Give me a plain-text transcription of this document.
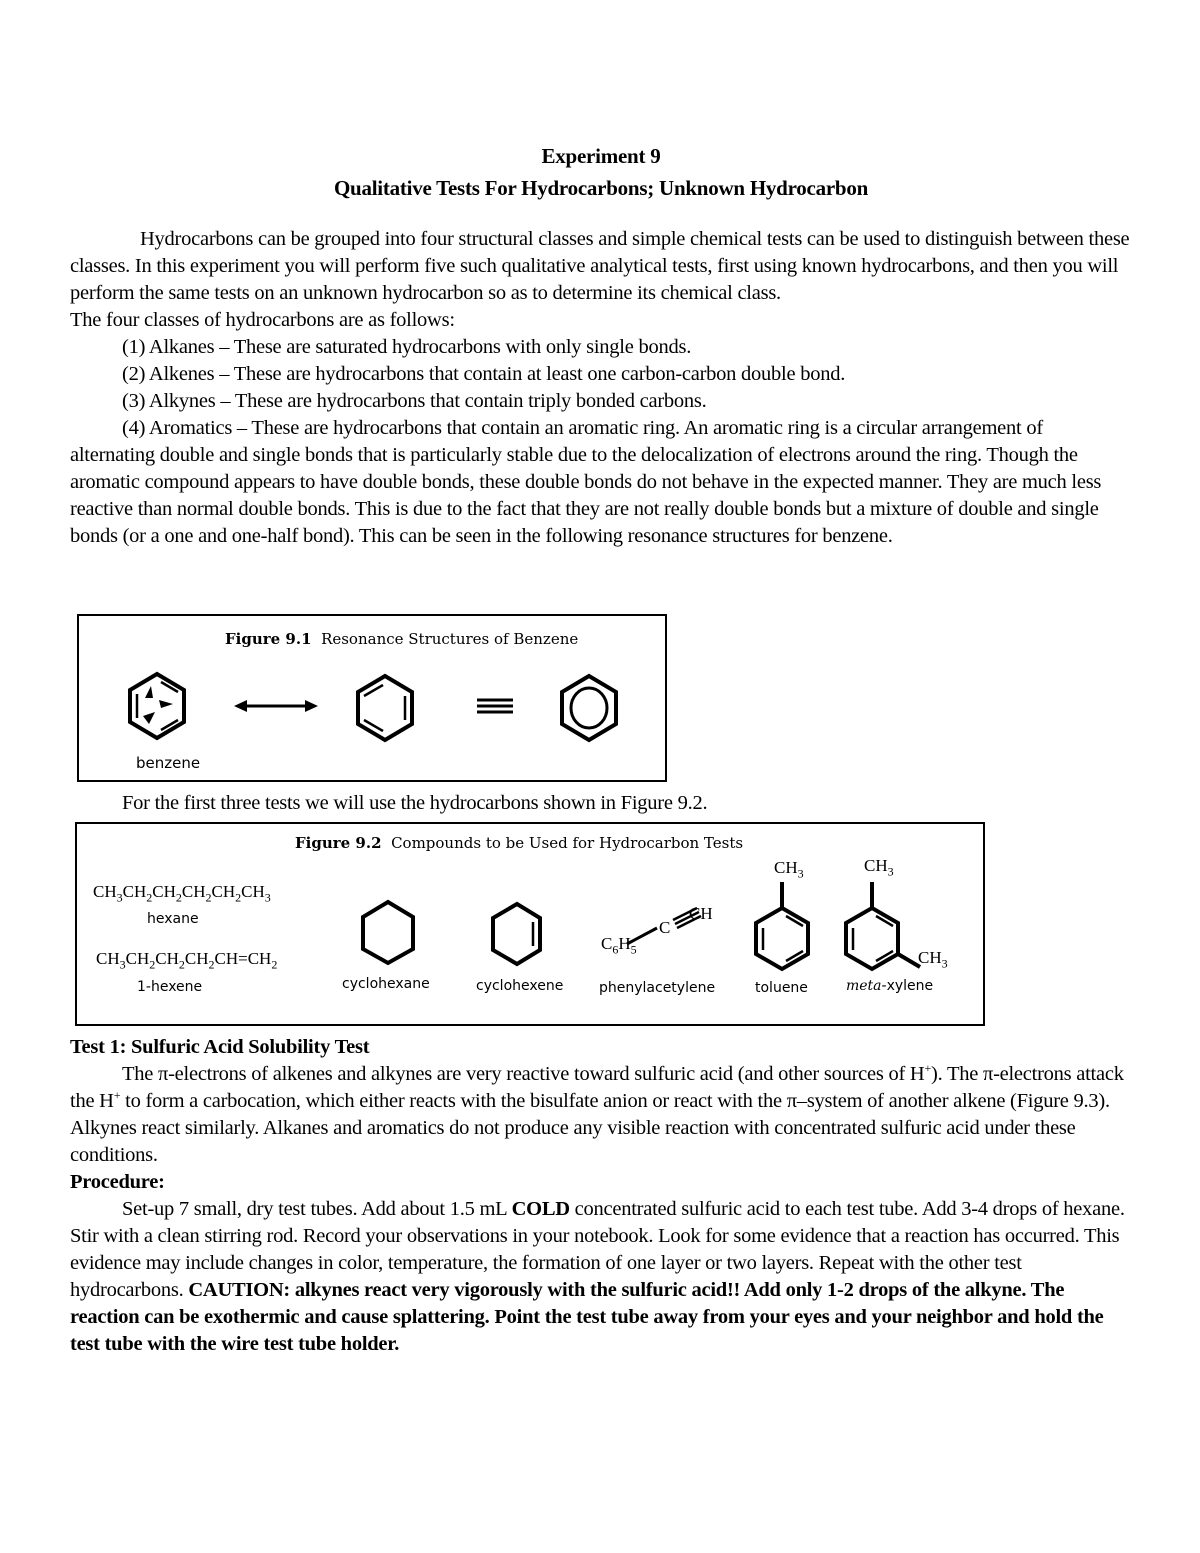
Experiment 9

Qualitative Tests For Hydrocarbons; Unknown Hydrocarbon

Hydrocarbons can be grouped into four structural classes and simple chemical tests can be used to distinguish between these classes. In this experiment you will perform five such qualitative analytical tests, first using known hydrocarbons, and then you will perform the same tests on an unknown hydrocarbon so as to determine its chemical class.

The four classes of hydrocarbons are as follows:

(1) Alkanes – These are saturated hydrocarbons with only single bonds.

(2) Alkenes – These are hydrocarbons that contain at least one carbon-carbon double bond.

(3) Alkynes – These are hydrocarbons that contain triply bonded carbons.

(4) Aromatics – These are hydrocarbons that contain an aromatic ring. An aromatic ring is a circular arrangement of alternating double and single bonds that is particularly stable due to the delocalization of electrons around the ring. Though the aromatic compound appears to have double bonds, these double bonds do not behave in the expected manner. They are much less reactive than normal double bonds. This is due to the fact that they are not really double bonds but a mixture of double and single bonds (or a one and one-half bond). This can be seen in the following resonance structures for benzene.

Figure 9.1 Resonance Structures of Benzene
benzene

For the first three tests we will use the hydrocarbons shown in Figure 9.2.

Figure 9.2 Compounds to be Used for Hydrocarbon Tests
$CH_3CH_2CH_2CH_2CH_2CH_3$
hexane
$CH_3CH_2CH_2CH_2CH=CH_2$
1-hexene	cyclohexane	cyclohexene
$C_6H_5$
C
CH
phenylacetylene
$CH_3$
toluene
$CH_3$
$CH_3$
meta-xylene

Test 1: Sulfuric Acid Solubility Test

The π-electrons of alkenes and alkynes are very reactive toward sulfuric acid (and other sources of H+). The π-electrons attack the H+ to form a carbocation, which either reacts with the bisulfate anion or react with the π–system of another alkene (Figure 9.3). Alkynes react similarly. Alkanes and aromatics do not produce any visible reaction with concentrated sulfuric acid under these conditions.

Procedure:

Set-up 7 small, dry test tubes. Add about 1.5 mL COLD concentrated sulfuric acid to each test tube. Add 3-4 drops of hexane. Stir with a clean stirring rod. Record your observations in your notebook. Look for some evidence that a reaction has occurred. This evidence may include changes in color, temperature, the formation of one layer or two layers. Repeat with the other test hydrocarbons. CAUTION: alkynes react very vigorously with the sulfuric acid!! Add only 1-2 drops of the alkyne. The reaction can be exothermic and cause splattering. Point the test tube away from your eyes and your neighbor and hold the test tube with the wire test tube holder.
